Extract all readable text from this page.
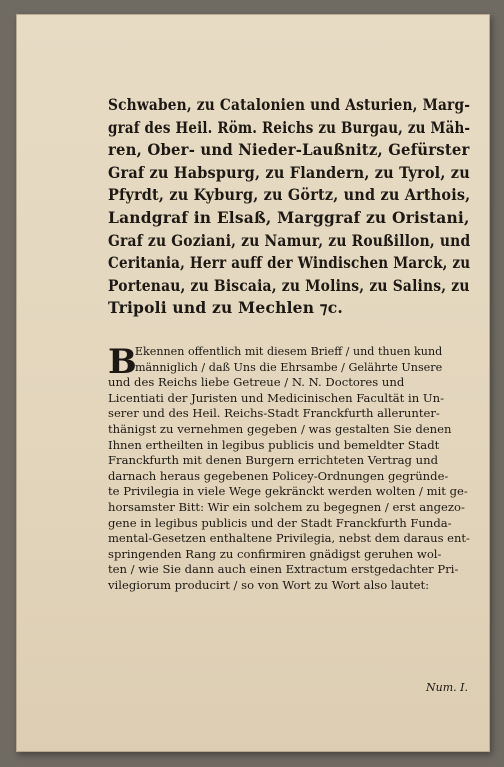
Schwaben, zu Catalonien und Asturien, Marg-
graf des Heil. Röm. Reichs zu Burgau, zu Mäh-
ren, Ober- und Nieder-Laußnitz, Gefürster
Graf zu Habspurg, zu Flandern, zu Tyrol, zu
Pfyrdt, zu Kyburg, zu Görtz, und zu Arthois,
Landgraf in Elsaß, Marggraf zu Oristani,
Graf zu Goziani, zu Namur, zu Roußillon, und
Ceritania, Herr auff der Windischen Marck, zu
Portenau, zu Biscaia, zu Molins, zu Salins, zu
Tripoli und zu Mechlen ⁊c.
B
Ekennen offentlich mit diesem Brieff / und thuen kund
männiglich / daß Uns die Ehrsambe / Gelährte Unsere
und des Reichs liebe Getreue / N. N. Doctores und
Licentiati der Juristen und Medicinischen Facultät in Un-
serer und des Heil. Reichs-Stadt Franckfurth allerunter-
thänigst zu vernehmen gegeben / was gestalten Sie denen
Ihnen ertheilten in legibus publicis und bemeldter Stadt
Franckfurth mit denen Burgern errichteten Vertrag und
darnach heraus gegebenen Policey-Ordnungen gegründe-
te Privilegia in viele Wege gekränckt werden wolten / mit ge-
horsamster Bitt: Wir ein solchem zu begegnen / erst angezo-
gene in legibus publicis und der Stadt Franckfurth Funda-
mental-Gesetzen enthaltene Privilegia, nebst dem daraus ent-
springenden Rang zu confirmiren gnädigst geruhen wol-
ten / wie Sie dann auch einen Extractum erstgedachter Pri-
vilegiorum producirt / so von Wort zu Wort also lautet:
Num. I.
